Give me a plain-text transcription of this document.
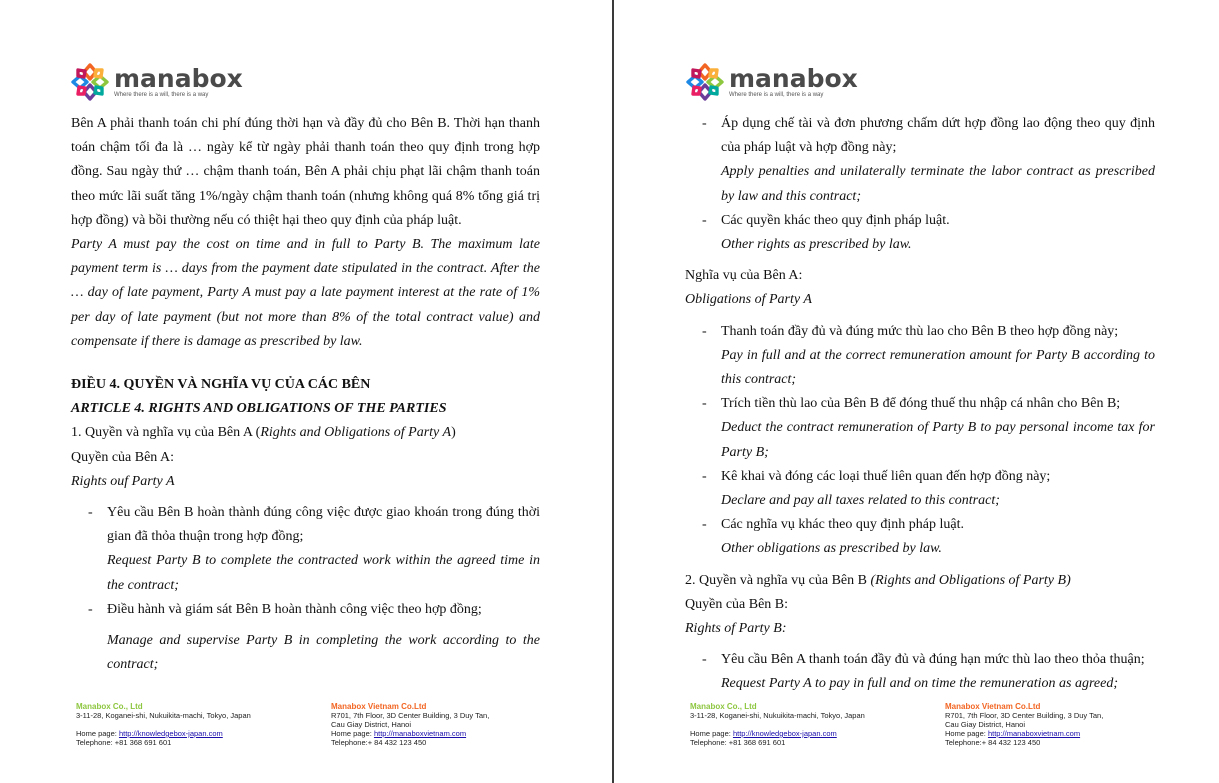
manabox
Where there is a will, there is a way

Bên A phải thanh toán chi phí đúng thời hạn và đầy đủ cho Bên B. Thời hạn thanh toán chậm tối đa là … ngày kể từ ngày phải thanh toán theo quy định trong hợp đồng. Sau ngày thứ … chậm thanh toán, Bên A phải chịu phạt lãi chậm thanh toán theo mức lãi suất tăng 1%/ngày chậm thanh toán (nhưng không quá 8% tổng giá trị hợp đồng) và bồi thường nếu có thiệt hại theo quy định của pháp luật.

Party A must pay the cost on time and in full to Party B. The maximum late payment term is … days from the payment date stipulated in the contract. After the … day of late payment, Party A must pay a late payment interest at the rate of 1% per day of late payment (but not more than 8% of the total contract value) and compensate if there is damage as prescribed by law.

ĐIỀU 4. QUYỀN VÀ NGHĨA VỤ CỦA CÁC BÊN

ARTICLE 4. RIGHTS AND OBLIGATIONS OF THE PARTIES

1. Quyền và nghĩa vụ của Bên A (Rights and Obligations of Party A)

Quyền của Bên A:

Rights ouf Party A

- Yêu cầu Bên B hoàn thành đúng công việc được giao khoán trong đúng thời gian đã thỏa thuận trong hợp đồng;
Request Party B to complete the contracted work within the agreed time in the contract;
- Điều hành và giám sát Bên B hoàn thành công việc theo hợp đồng;
Manage and supervise Party B in completing the work according to the contract;
Manabox Co., Ltd
3-11-28, Koganei-shi, Nukuikita-machi, Tokyo, Japan
Home page: http://knowledgebox-japan.com
Telephone: +81 368 691 601
Manabox Vietnam Co.Ltd
R701, 7th Floor, 3D Center Building, 3 Duy Tan,
Cau Giay District, Hanoi
Home page: http://manaboxvietnam.com
Telephone:+ 84 432 123 450
manabox
Where there is a will, there is a way
- Áp dụng chế tài và đơn phương chấm dứt hợp đồng lao động theo quy định của pháp luật và hợp đồng này;
Apply penalties and unilaterally terminate the labor contract as prescribed by law and this contract;
- Các quyền khác theo quy định pháp luật.
Other rights as prescribed by law.

Nghĩa vụ của Bên A:

Obligations of Party A

- Thanh toán đầy đủ và đúng mức thù lao cho Bên B theo hợp đồng này;
Pay in full and at the correct remuneration amount for Party B according to this contract;
- Trích tiền thù lao của Bên B để đóng thuế thu nhập cá nhân cho Bên B;
Deduct the contract remuneration of Party B to pay personal income tax for Party B;
- Kê khai và đóng các loại thuế liên quan đến hợp đồng này;
Declare and pay all taxes related to this contract;
- Các nghĩa vụ khác theo quy định pháp luật.
Other obligations as prescribed by law.

2. Quyền và nghĩa vụ của Bên B (Rights and Obligations of Party B)

Quyền của Bên B:

Rights of Party B:

- Yêu cầu Bên A thanh toán đầy đủ và đúng hạn mức thù lao theo thỏa thuận;
Request Party A to pay in full and on time the remuneration as agreed;
Manabox Co., Ltd
3-11-28, Koganei-shi, Nukuikita-machi, Tokyo, Japan
Home page: http://knowledgebox-japan.com
Telephone: +81 368 691 601
Manabox Vietnam Co.Ltd
R701, 7th Floor, 3D Center Building, 3 Duy Tan,
Cau Giay District, Hanoi
Home page: http://manaboxvietnam.com
Telephone:+ 84 432 123 450
